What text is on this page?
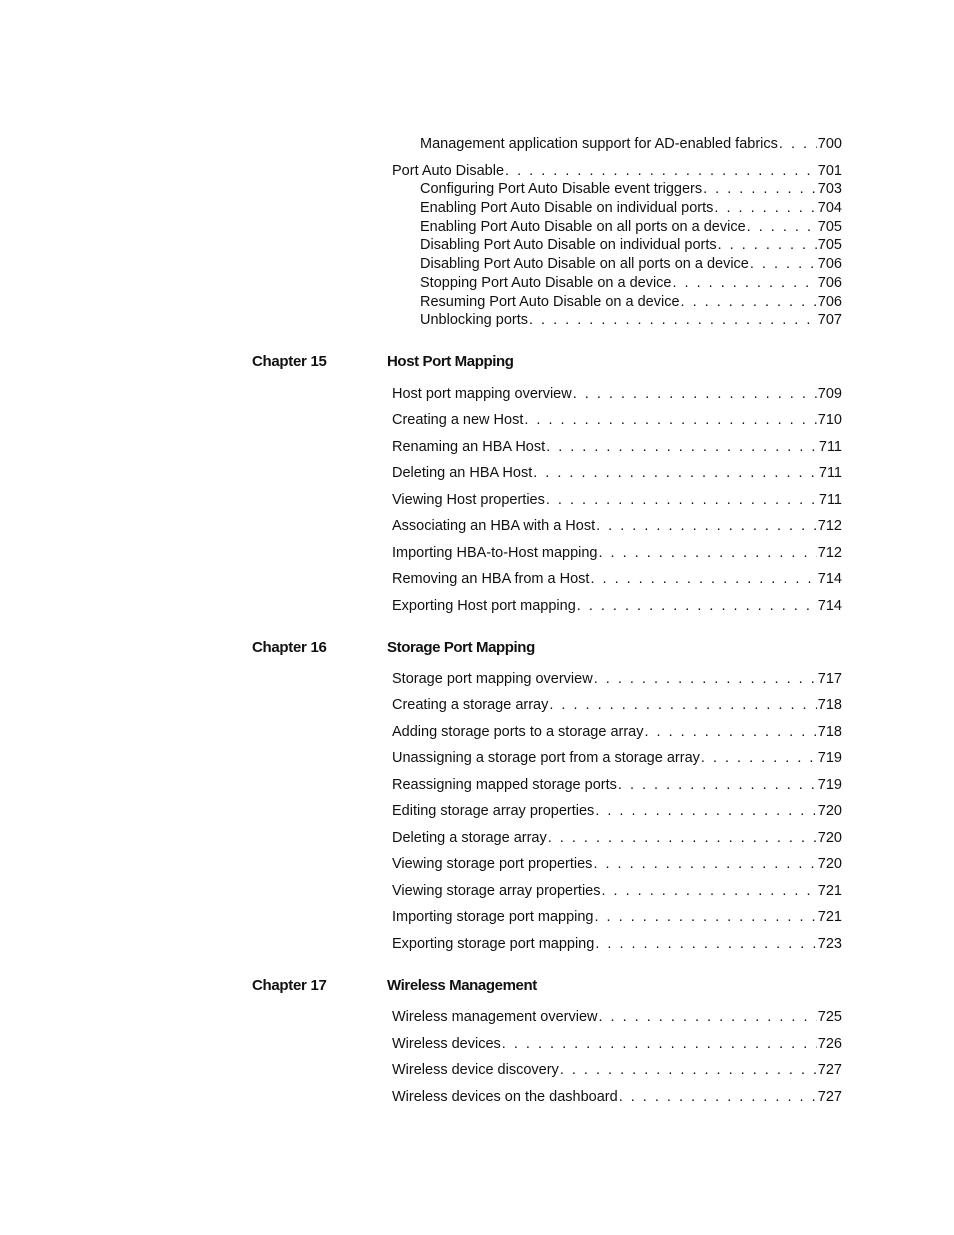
Management application support for AD-enabled fabrics . . .	700
Port Auto Disable . . .	701
Configuring Port Auto Disable event triggers . . .	703
Enabling Port Auto Disable on individual ports . . .	704
Enabling Port Auto Disable on all ports on a device . . .	705
Disabling Port Auto Disable on individual ports . . .	705
Disabling Port Auto Disable on all ports on a device . . .	706
Stopping Port Auto Disable on a device . . .	706
Resuming Port Auto Disable on a device . . .	706
Unblocking ports . . .	707
Chapter 15	Host Port Mapping
Host port mapping overview . . .	709
Creating a new Host . . .	710
Renaming an HBA Host . . .	711
Deleting an HBA Host . . .	711
Viewing Host properties . . .	711
Associating an HBA with a Host . . .	712
Importing HBA-to-Host mapping . . .	712
Removing an HBA from a Host . . .	714
Exporting Host port mapping . . .	714
Chapter 16	Storage Port Mapping
Storage port mapping overview . . .	717
Creating a storage array . . .	718
Adding storage ports to a storage array . . .	718
Unassigning a storage port from a storage array . . .	719
Reassigning mapped storage ports . . .	719
Editing storage array properties . . .	720
Deleting a storage array . . .	720
Viewing storage port properties . . .	720
Viewing storage array properties . . .	721
Importing storage port mapping . . .	721
Exporting storage port mapping . . .	723
Chapter 17	Wireless Management
Wireless management overview . . .	725
Wireless devices . . .	726
Wireless device discovery . . .	727
Wireless devices on the dashboard . . .	727
